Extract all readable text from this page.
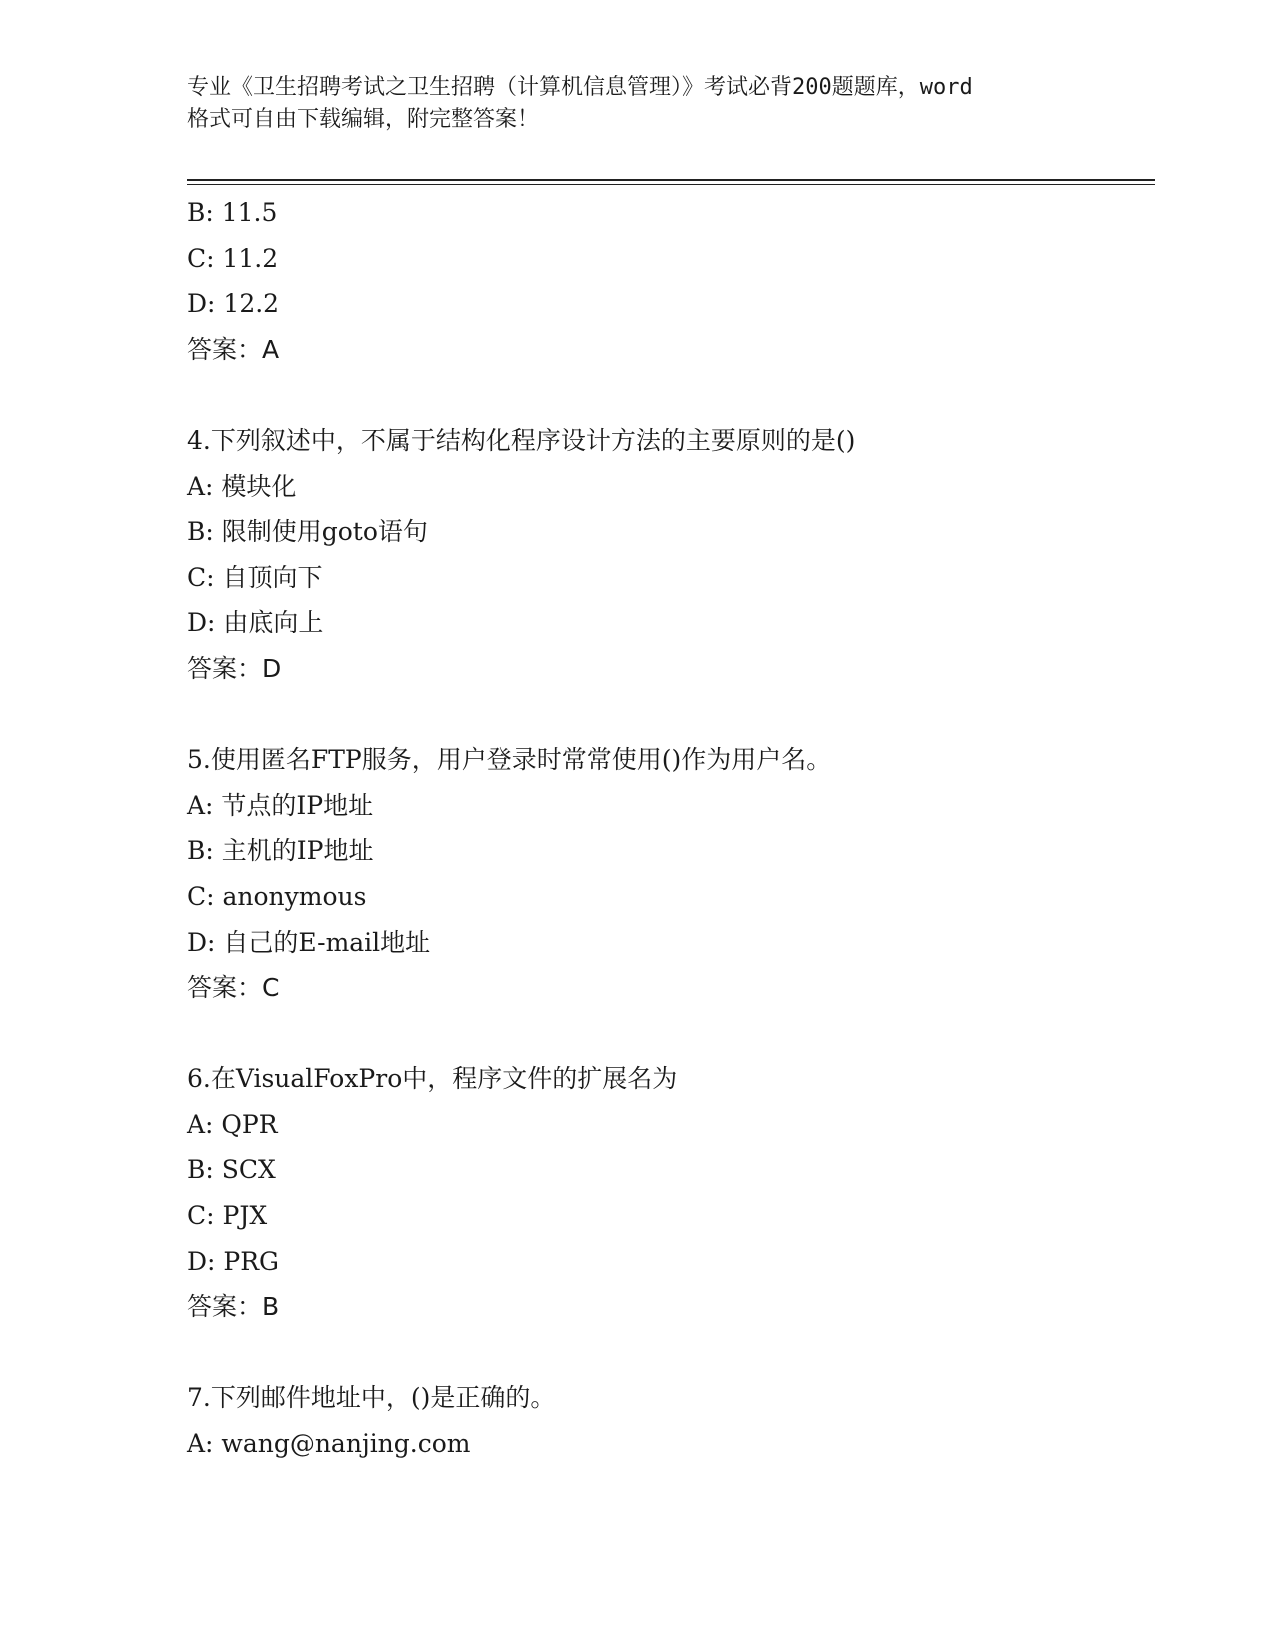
专业《卫生招聘考试之卫生招聘（计算机信息管理）》考试必背200题题库，word
格式可自由下载编辑，附完整答案！
B: 11.5
C: 11.2
D: 12.2
答案：A
4.下列叙述中，不属于结构化程序设计方法的主要原则的是()
A: 模块化
B: 限制使用goto语句
C: 自顶向下
D: 由底向上
答案：D
5.使用匿名FTP服务，用户登录时常常使用()作为用户名。
A: 节点的IP地址
B: 主机的IP地址
C: anonymous
D: 自己的E-mail地址
答案：C
6.在VisualFoxPro中，程序文件的扩展名为
A: QPR
B: SCX
C: PJX
D: PRG
答案：B
7.下列邮件地址中，()是正确的。
A: wang@nanjing.com
